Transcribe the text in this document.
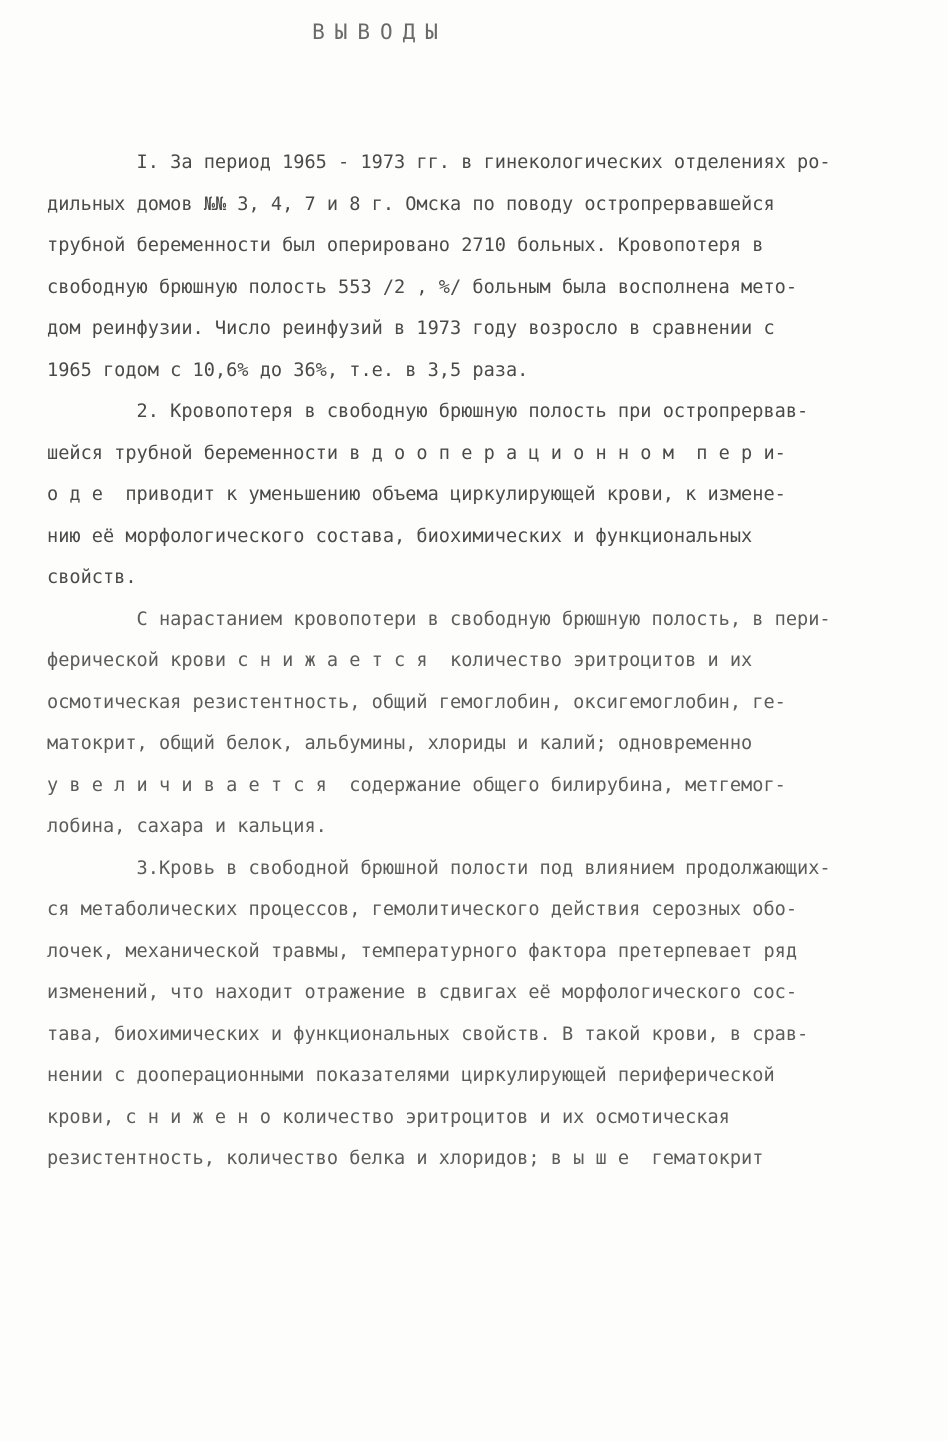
ВЫВОДЫ
I. За период 1965 - 1973 гг. в гинекологических отделениях ро-
дильных домов №№ 3, 4, 7 и 8 г. Омска по поводу остропрервавшейся
трубной беременности был оперировано 2710 больных. Кровопотеря в
свободную брюшную полость 553 /2 , %/ больным была восполнена мето-
дом реинфузии. Число реинфузий в 1973 году возросло в сравнении с
1965 годом с 10,6% до 36%, т.е. в 3,5 раза.
2. Кровопотеря в свободную брюшную полость при остропрервав-
шейся трубной беременности в д о о п е р а ц и о н н о м  п е р и-
о д е  приводит к уменьшению объема циркулирующей крови, к измене-
нию её морфологического состава, биохимических и функциональных
свойств.
С нарастанием кровопотери в свободную брюшную полость, в пери-
ферической крови с н и ж а е т с я  количество эритроцитов и их
осмотическая резистентность, общий гемоглобин, оксигемоглобин, ге-
матокрит, общий белок, альбумины, хлориды и калий; одновременно
у в е л и ч и в а е т с я  содержание общего билирубина, метгемог-
лобина, сахара и кальция.
3.Кровь в свободной брюшной полости под влиянием продолжающих-
ся метаболических процессов, гемолитического действия серозных обо-
лочек, механической травмы, температурного фактора претерпевает ряд
изменений, что находит отражение в сдвигах её морфологического сос-
тава, биохимических и функциональных свойств. В такой крови, в срав-
нении с дооперационными показателями циркулирующей периферической
крови, с н и ж е н о количество эритроцитов и их осмотическая
резистентность, количество белка и хлоридов; в ы ш е  гематокрит
